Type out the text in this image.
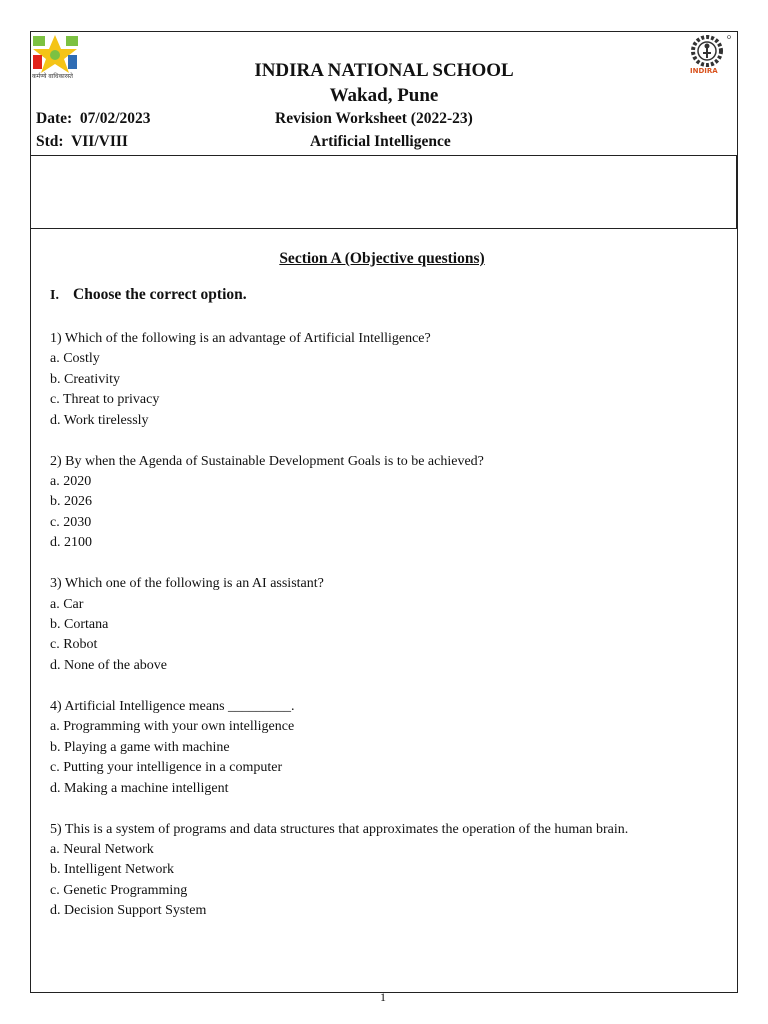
कर्मण्ये वाधिकारस्ते
INDIRA
INDIRA NATIONAL SCHOOL
Wakad, Pune
Date: 07/02/2023
Std: VII/VIII
Revision Worksheet (2022-23)
Artificial Intelligence
Section A (Objective questions)
I. Choose the correct option.
1) Which of the following is an advantage of Artificial Intelligence?
a. Costly
b. Creativity
c. Threat to privacy
d. Work tirelessly
2) By when the Agenda of Sustainable Development Goals is to be achieved?
a. 2020
b. 2026
c. 2030
d. 2100
3) Which one of the following is an AI assistant?
a. Car
b. Cortana
c. Robot
d. None of the above
4) Artificial Intelligence means _________.
a. Programming with your own intelligence
b. Playing a game with machine
c. Putting your intelligence in a computer
d. Making a machine intelligent
5) This is a system of programs and data structures that approximates the operation of the human brain.
a. Neural Network
b. Intelligent Network
c. Genetic Programming
d. Decision Support System
1
